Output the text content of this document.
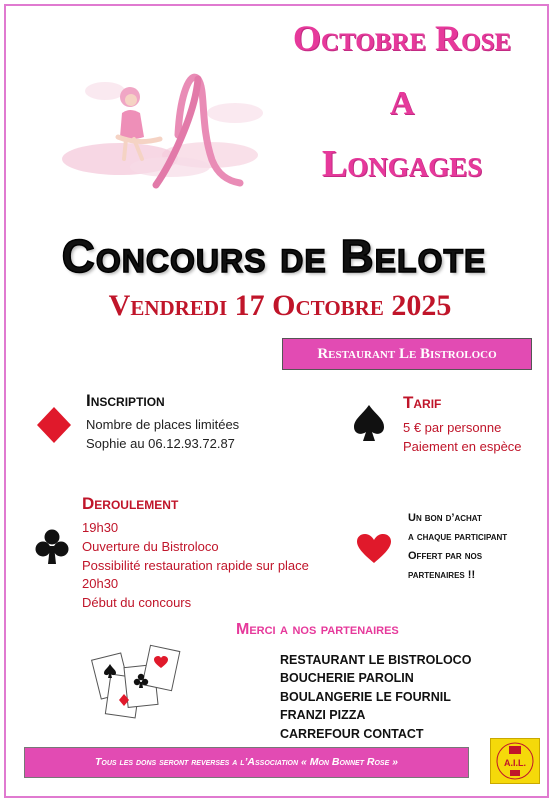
Octobre Rose
A
Longages
Concours de Belote
Vendredi 17 Octobre 2025
Restaurant Le Bistroloco
Inscription
Nombre de places limitées
Sophie au 06.12.93.72.87
Tarif
5 € par personne
Paiement en espèce
Deroulement
19h30
Ouverture du Bistroloco
Possibilité restauration rapide sur place
20h30
Début du concours
Un bon d’achat
a chaque participant
Offert par nos
partenaires !!
Merci a nos partenaires
RESTAURANT LE BISTROLOCO
BOUCHERIE PAROLIN
BOULANGERIE LE FOURNIL
FRANZI PIZZA
CARREFOUR CONTACT
Tous les dons seront reverses a l’Association « Mon Bonnet Rose »	A.I.L.
